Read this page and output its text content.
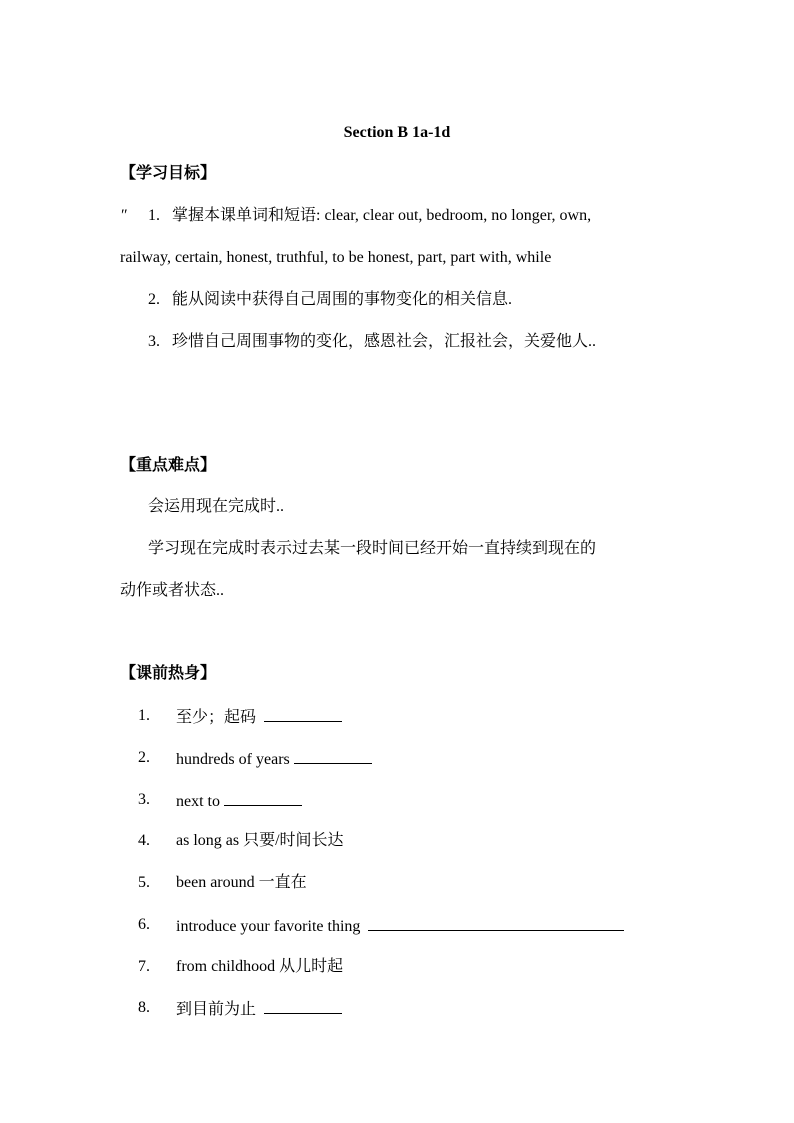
Section B 1a-1d
【学习目标】
″ 1. 掌握本课单词和短语: clear, clear out, bedroom, no longer, own,
railway, certain, honest, truthful, to be honest, part, part with, while
2. 能从阅读中获得自己周围的事物变化的相关信息.
3. 珍惜自己周围事物的变化，感恩社会，汇报社会，关爱他人..
【重点难点】
会运用现在完成时..
学习现在完成时表示过去某一段时间已经开始一直持续到现在的
动作或者状态..
【课前热身】
1.	至少；起码
2.	hundreds of years
3.	next to
4.	as long as 只要/时间长达
5.	been around 一直在
6.	introduce your favorite thing
7.	from childhood 从儿时起
8.	到目前为止
